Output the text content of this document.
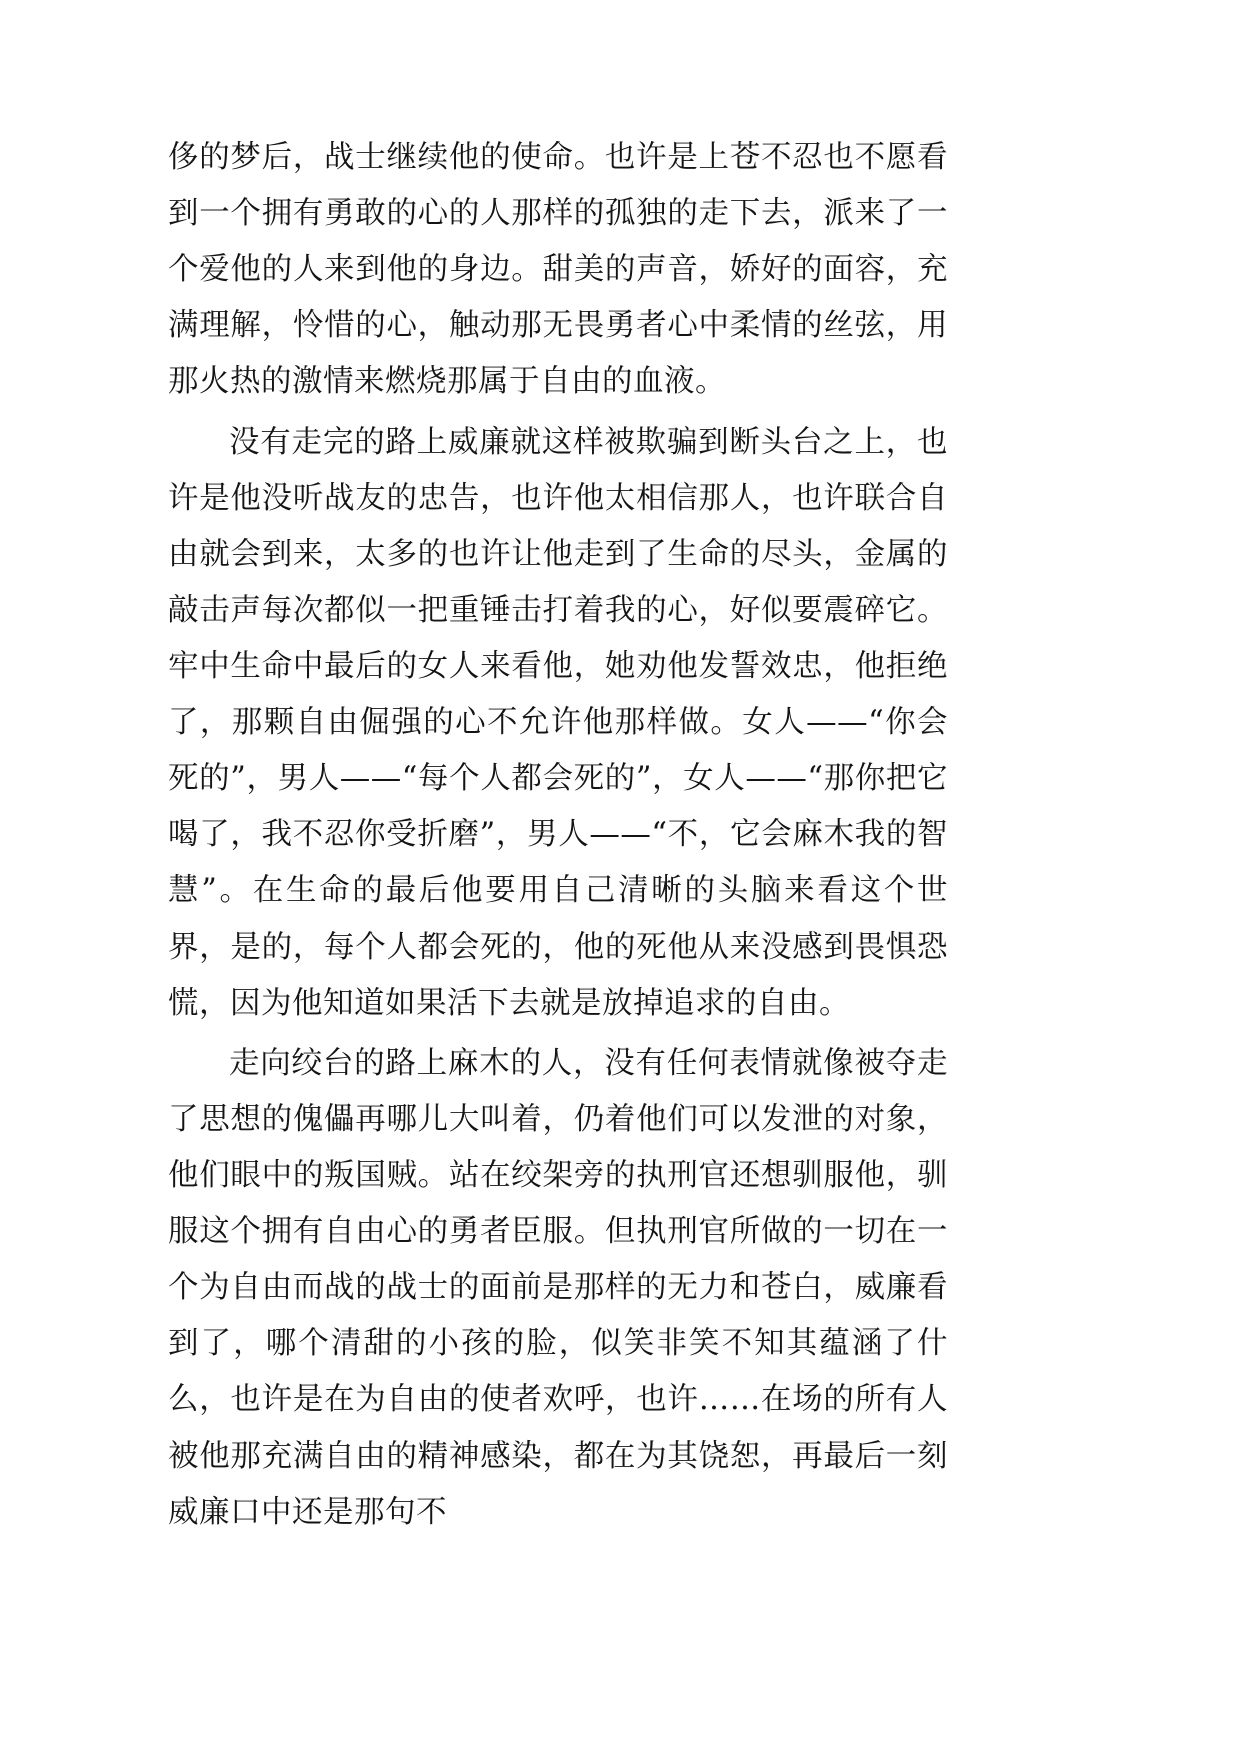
侈的梦后，战士继续他的使命。也许是上苍不忍也不愿看到一个拥有勇敢的心的人那样的孤独的走下去，派来了一个爱他的人来到他的身边。甜美的声音，娇好的面容，充满理解，怜惜的心，触动那无畏勇者心中柔情的丝弦，用那火热的激情来燃烧那属于自由的血液。

没有走完的路上威廉就这样被欺骗到断头台之上，也许是他没听战友的忠告，也许他太相信那人，也许联合自由就会到来，太多的也许让他走到了生命的尽头，金属的敲击声每次都似一把重锤击打着我的心，好似要震碎它。牢中生命中最后的女人来看他，她劝他发誓效忠，他拒绝了，那颗自由倔强的心不允许他那样做。女人——“你会死的”，男人——“每个人都会死的”，女人——“那你把它喝了，我不忍你受折磨”，男人——“不，它会麻木我的智慧”。在生命的最后他要用自己清晰的头脑来看这个世界，是的，每个人都会死的，他的死他从来没感到畏惧恐慌，因为他知道如果活下去就是放掉追求的自由。

走向绞台的路上麻木的人，没有任何表情就像被夺走了思想的傀儡再哪儿大叫着，仍着他们可以发泄的对象，他们眼中的叛国贼。站在绞架旁的执刑官还想驯服他，驯服这个拥有自由心的勇者臣服。但执刑官所做的一切在一个为自由而战的战士的面前是那样的无力和苍白，威廉看到了，哪个清甜的小孩的脸，似笑非笑不知其蕴涵了什么，也许是在为自由的使者欢呼，也许……在场的所有人被他那充满自由的精神感染，都在为其饶恕，再最后一刻威廉口中还是那句不
